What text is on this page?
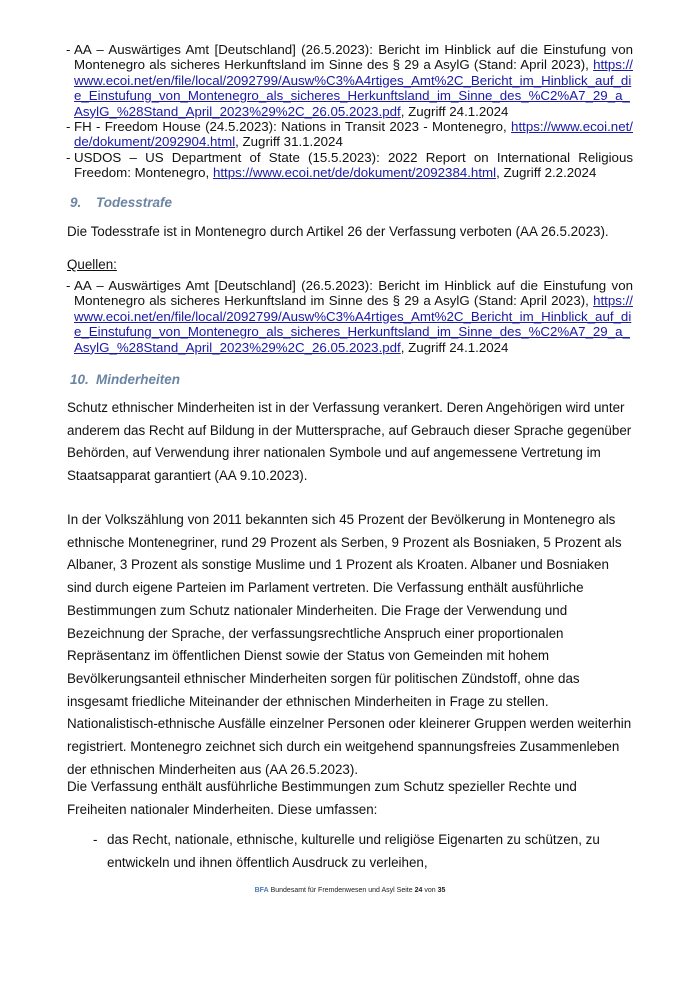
- AA – Auswärtiges Amt [Deutschland] (26.5.2023): Bericht im Hinblick auf die Einstufung von Montenegro als sicheres Herkunftsland im Sinne des § 29 a AsylG (Stand: April 2023), https://www.ecoi.net/en/file/local/2092799/Ausw%C3%A4rtiges_Amt%2C_Bericht_im_Hinblick_auf_die_Einstufung_von_Montenegro_als_sicheres_Herkunftsland_im_Sinne_des_%C2%A7_29_a_AsylG_%28Stand_April_2023%29%2C_26.05.2023.pdf, Zugriff 24.1.2024
- FH - Freedom House (24.5.2023): Nations in Transit 2023 - Montenegro, https://www.ecoi.net/de/dokument/2092904.html, Zugriff 31.1.2024
- USDOS – US Department of State (15.5.2023): 2022 Report on International Religious Freedom: Montenegro, https://www.ecoi.net/de/dokument/2092384.html, Zugriff 2.2.2024
9. Todesstrafe
Die Todesstrafe ist in Montenegro durch Artikel 26 der Verfassung verboten (AA 26.5.2023).
Quellen:
- AA – Auswärtiges Amt [Deutschland] (26.5.2023): Bericht im Hinblick auf die Einstufung von Montenegro als sicheres Herkunftsland im Sinne des § 29 a AsylG (Stand: April 2023), https://www.ecoi.net/en/file/local/2092799/Ausw%C3%A4rtiges_Amt%2C_Bericht_im_Hinblick_auf_die_Einstufung_von_Montenegro_als_sicheres_Herkunftsland_im_Sinne_des_%C2%A7_29_a_AsylG_%28Stand_April_2023%29%2C_26.05.2023.pdf, Zugriff 24.1.2024
10. Minderheiten
Schutz ethnischer Minderheiten ist in der Verfassung verankert. Deren Angehörigen wird unter anderem das Recht auf Bildung in der Muttersprache, auf Gebrauch dieser Sprache gegenüber Behörden, auf Verwendung ihrer nationalen Symbole und auf angemessene Vertretung im Staatsapparat garantiert (AA 9.10.2023).
In der Volkszählung von 2011 bekannten sich 45 Prozent der Bevölkerung in Montenegro als ethnische Montenegriner, rund 29 Prozent als Serben, 9 Prozent als Bosniaken, 5 Prozent als Albaner, 3 Prozent als sonstige Muslime und 1 Prozent als Kroaten. Albaner und Bosniaken sind durch eigene Parteien im Parlament vertreten. Die Verfassung enthält ausführliche Bestimmungen zum Schutz nationaler Minderheiten. Die Frage der Verwendung und Bezeichnung der Sprache, der verfassungsrechtliche Anspruch einer proportionalen Repräsentanz im öffentlichen Dienst sowie der Status von Gemeinden mit hohem Bevölkerungsanteil ethnischer Minderheiten sorgen für politischen Zündstoff, ohne das insgesamt friedliche Miteinander der ethnischen Minderheiten in Frage zu stellen. Nationalistisch-ethnische Ausfälle einzelner Personen oder kleinerer Gruppen werden weiterhin registriert. Montenegro zeichnet sich durch ein weitgehend spannungsfreies Zusammenleben der ethnischen Minderheiten aus (AA 26.5.2023).
Die Verfassung enthält ausführliche Bestimmungen zum Schutz spezieller Rechte und Freiheiten nationaler Minderheiten. Diese umfassen:
- das Recht, nationale, ethnische, kulturelle und religiöse Eigenarten zu schützen, zu entwickeln und ihnen öffentlich Ausdruck zu verleihen,
BFA Bundesamt für Fremdenwesen und Asyl Seite 24 von 35
